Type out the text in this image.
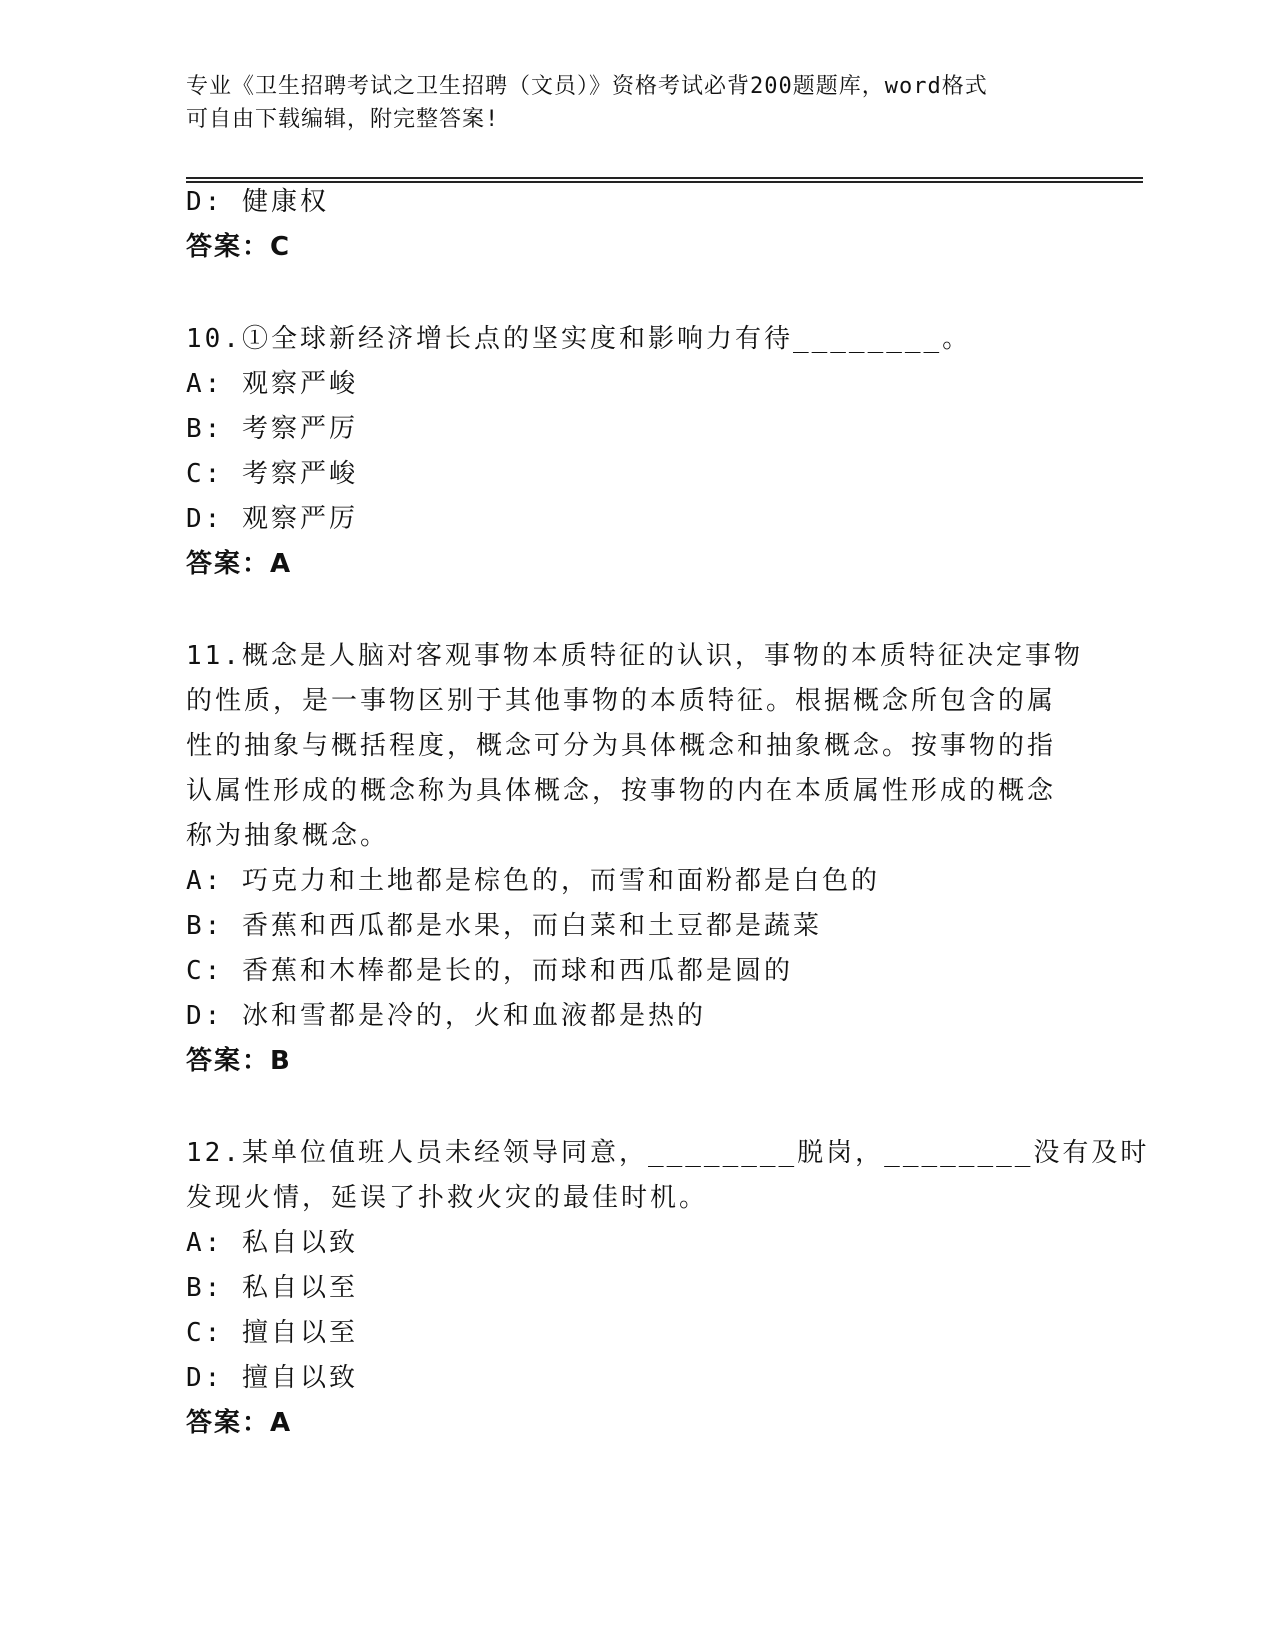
专业《卫生招聘考试之卫生招聘（文员）》资格考试必背200题题库，word格式
可自由下载编辑，附完整答案!
D: 健康权
答案：C
10.①全球新经济增长点的坚实度和影响力有待________。
A: 观察严峻
B: 考察严厉
C: 考察严峻
D: 观察严厉
答案：A
11.概念是人脑对客观事物本质特征的认识，事物的本质特征决定事物
的性质，是一事物区别于其他事物的本质特征。根据概念所包含的属
性的抽象与概括程度，概念可分为具体概念和抽象概念。按事物的指
认属性形成的概念称为具体概念，按事物的内在本质属性形成的概念
称为抽象概念。
A: 巧克力和土地都是棕色的，而雪和面粉都是白色的
B: 香蕉和西瓜都是水果，而白菜和土豆都是蔬菜
C: 香蕉和木棒都是长的，而球和西瓜都是圆的
D: 冰和雪都是冷的，火和血液都是热的
答案：B
12.某单位值班人员未经领导同意，________脱岗，________没有及时
发现火情，延误了扑救火灾的最佳时机。
A: 私自以致
B: 私自以至
C: 擅自以至
D: 擅自以致
答案：A
